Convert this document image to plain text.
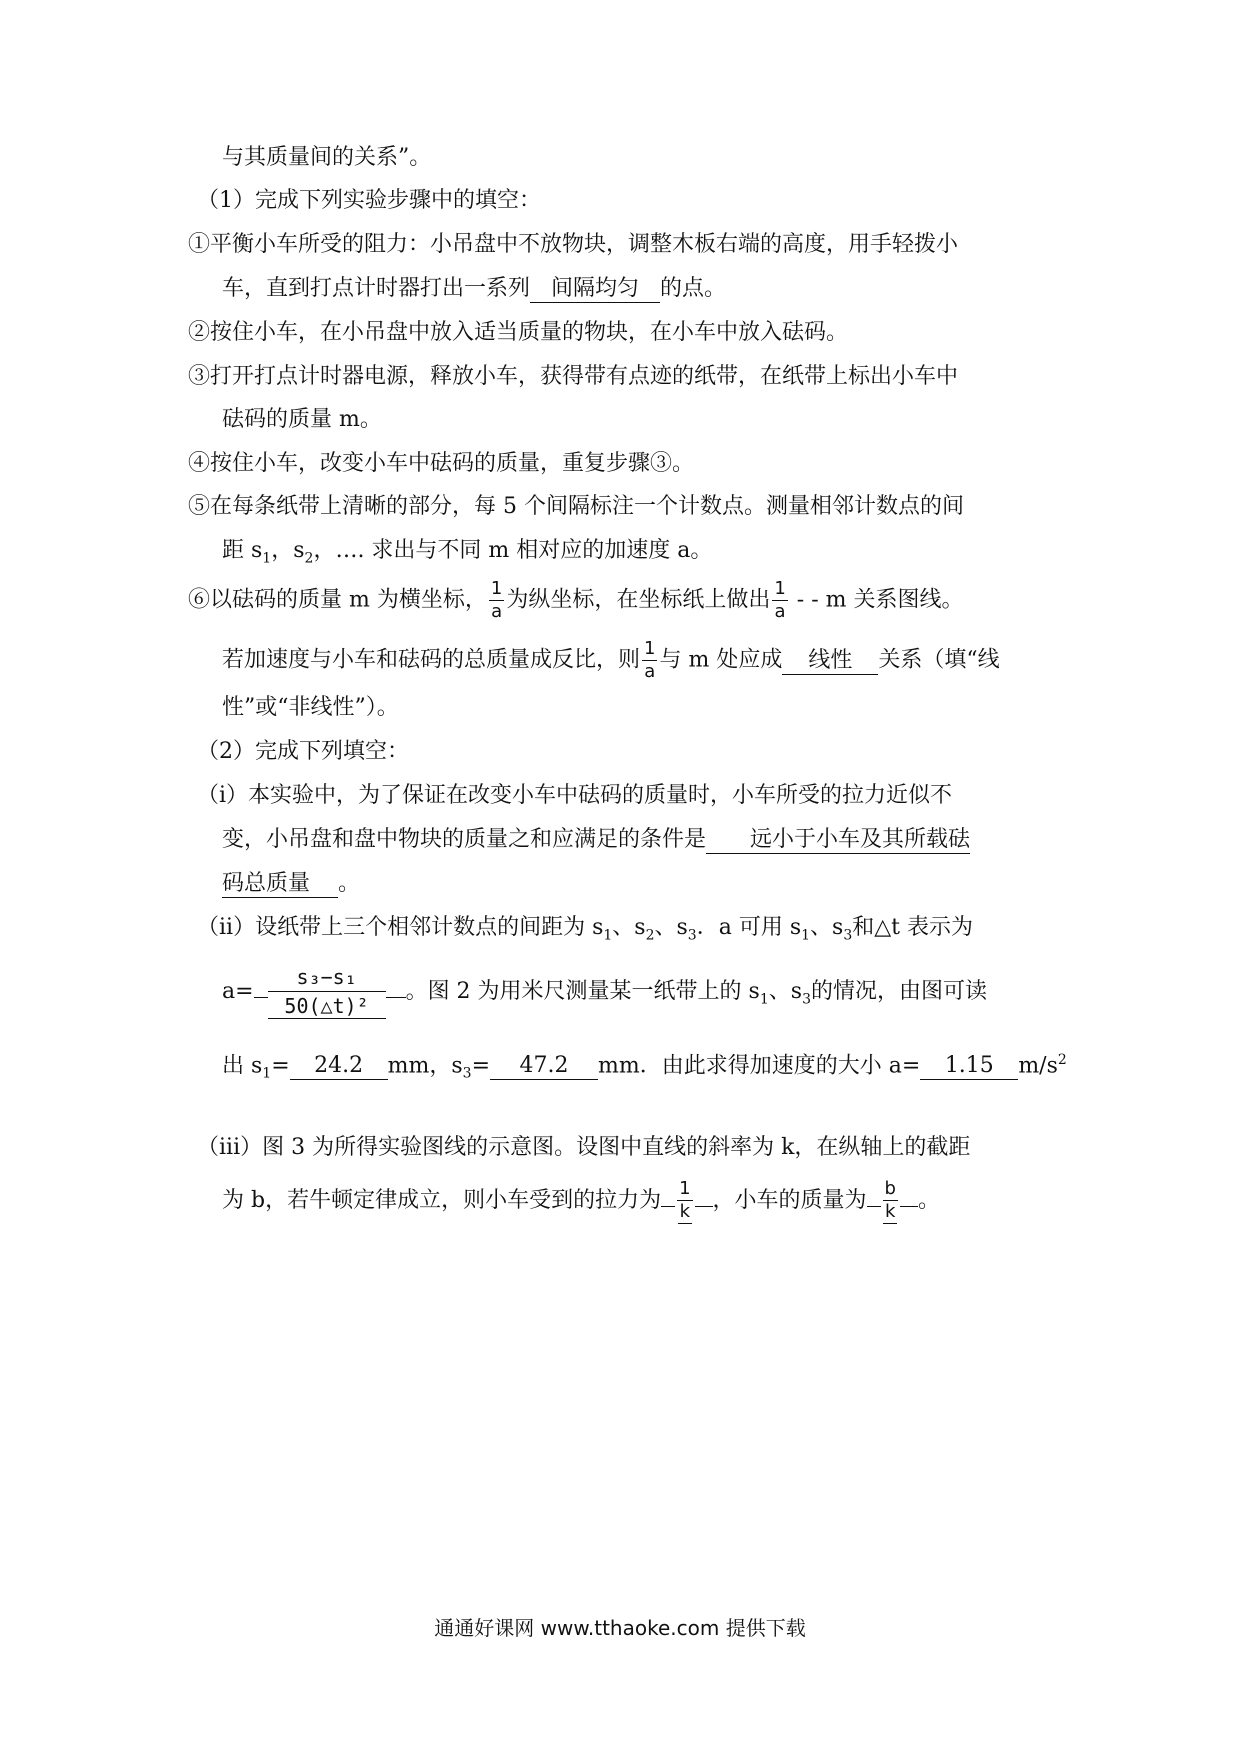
与其质量间的关系”。
（1）完成下列实验步骤中的填空：
①平衡小车所受的阻力：小吊盘中不放物块，调整木板右端的高度，用手轻拨小
车，直到打点计时器打出一系列 间隔均匀 的点。
②按住小车，在小吊盘中放入适当质量的物块，在小车中放入砝码。
③打开打点计时器电源，释放小车，获得带有点迹的纸带，在纸带上标出小车中
砝码的质量 m。
④按住小车，改变小车中砝码的质量，重复步骤③。
⑤在每条纸带上清晰的部分，每 5 个间隔标注一个计数点。测量相邻计数点的间
距 $s_1$，$s_2$，…. 求出与不同 m 相对应的加速度 a。
⑥以砝码的质量 m 为横坐标， $\frac{1}{a}$ 为纵坐标，在坐标纸上做出 $\frac{1}{a}$ - - m 关系图线。
若加速度与小车和砝码的总质量成反比，则 $\frac{1}{a}$ 与 m 处应成 线性 关系（填“线
性”或“非线性”）。
（2）完成下列填空：
（i）本实验中，为了保证在改变小车中砝码的质量时，小车所受的拉力近似不
变，小吊盘和盘中物块的质量之和应满足的条件是 远小于小车及其所载砝
码总质量 。
（ii）设纸带上三个相邻计数点的间距为 $s_1$、$s_2$、$s_3$．a 可用 $s_1$、$s_3$和△t 表示为
$a= \frac{\text{s₃−s₁}}{\text{50(△t)²}}$ 。图 2 为用米尺测量某一纸带上的 $s_1$、$s_3$的情况，由图可读
出 $s_1= 24.2$ mm，$s_3= 47.2$ mm．由此求得加速度的大小 a= 1.15 $m/s^2$
（iii）图 3 为所得实验图线的示意图。设图中直线的斜率为 k，在纵轴上的截距
为 b，若牛顿定律成立，则小车受到的拉力为 $\frac{1}{k}$ ，小车的质量为 $\frac{b}{k}$ 。
通通好课网 www.tthaoke.com 提供下载
